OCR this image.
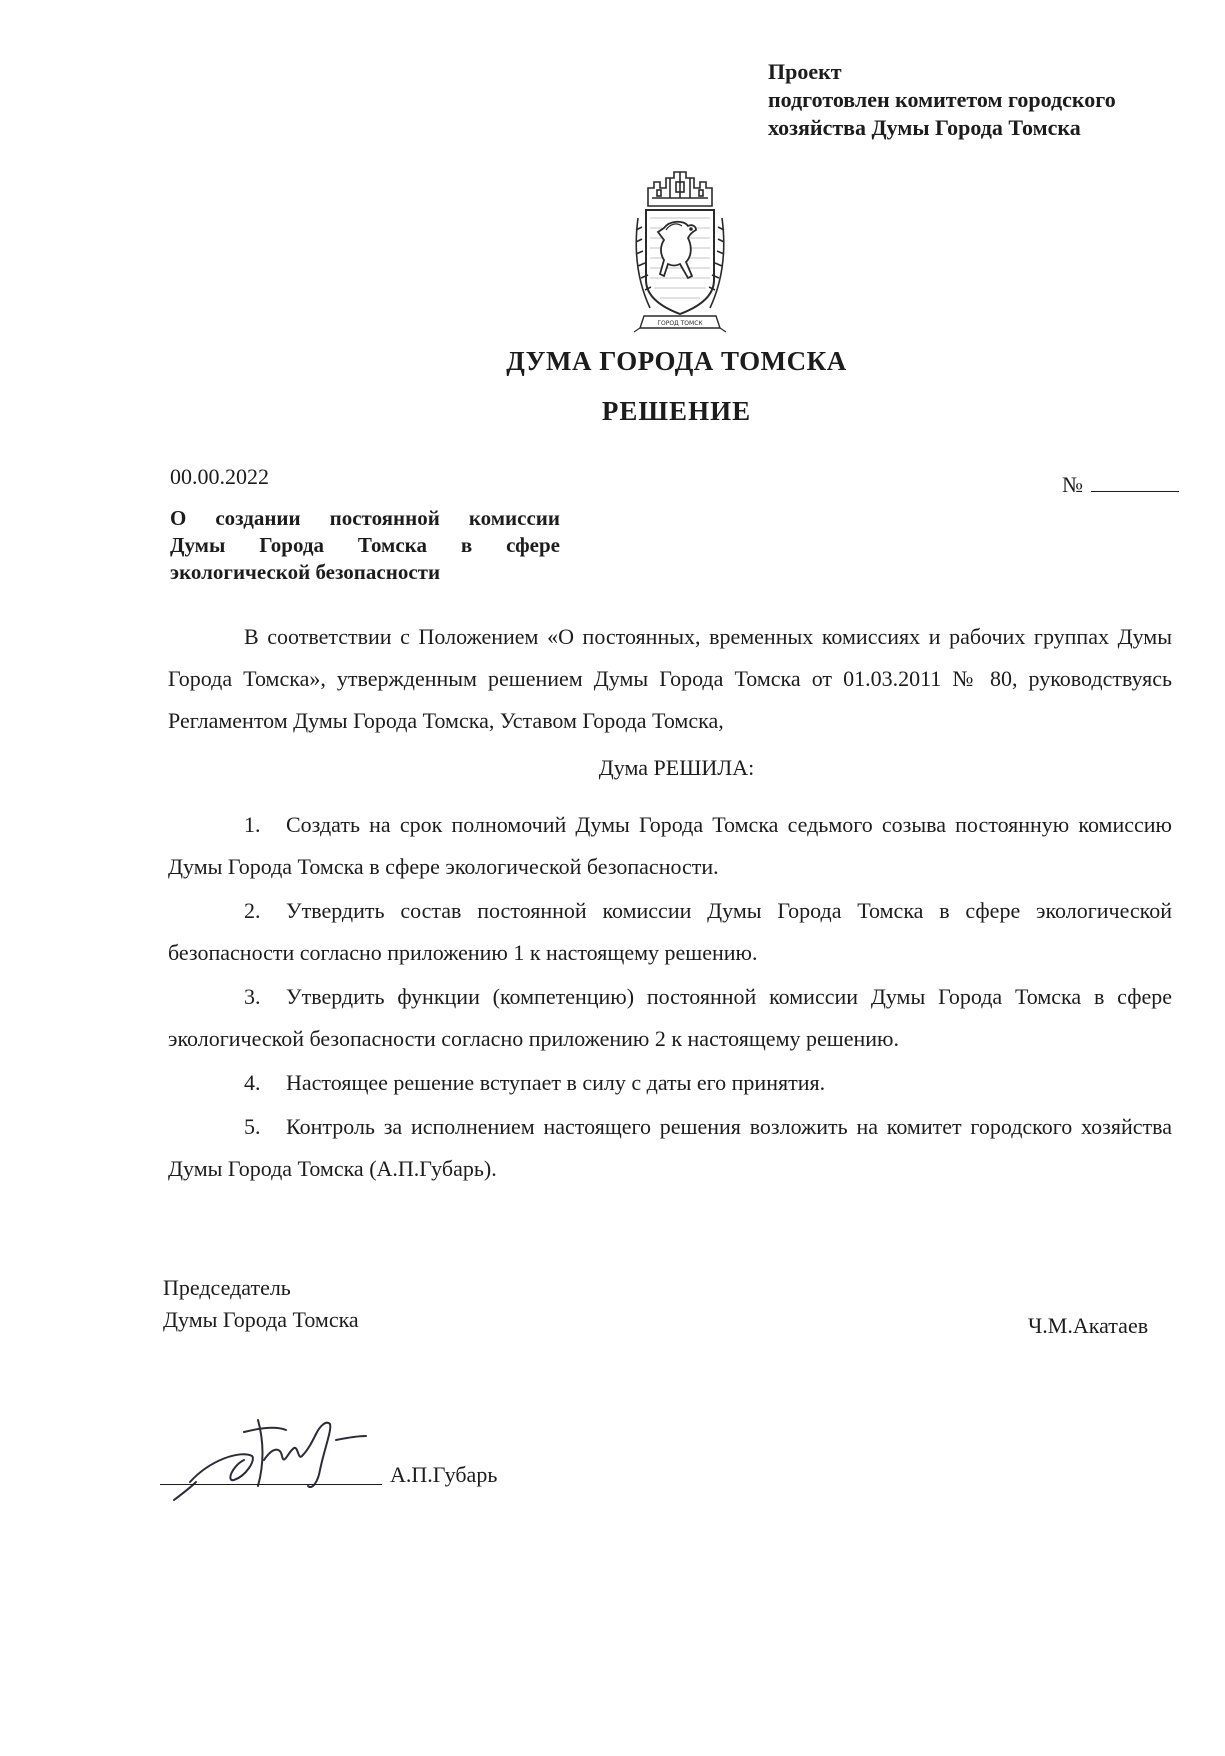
Проект
подготовлен комитетом городского
хозяйства Думы Города Томска
ГОРОД ТОМСК
ДУМА ГОРОДА ТОМСКА
РЕШЕНИЕ
00.00.2022	№
О создании постоянной комиссии
Думы Города Томска в сфере
экологической безопасности
В соответствии с Положением «О постоянных, временных комиссиях и рабочих группах Думы Города Томска», утвержденным решением Думы Города Томска от 01.03.2011 № 80, руководствуясь Регламентом Думы Города Томска, Уставом Города Томска,
Дума РЕШИЛА:
1. Создать на срок полномочий Думы Города Томска седьмого созыва постоянную комиссию Думы Города Томска в сфере экологической безопасности.
2. Утвердить состав постоянной комиссии Думы Города Томска в сфере экологической безопасности согласно приложению 1 к настоящему решению.
3. Утвердить функции (компетенцию) постоянной комиссии Думы Города Томска в сфере экологической безопасности согласно приложению 2 к настоящему решению.
4. Настоящее решение вступает в силу с даты его принятия.
5. Контроль за исполнением настоящего решения возложить на комитет городского хозяйства Думы Города Томска (А.П.Губарь).
Председатель
Думы Города Томска	Ч.М.Акатаев
А.П.Губарь
